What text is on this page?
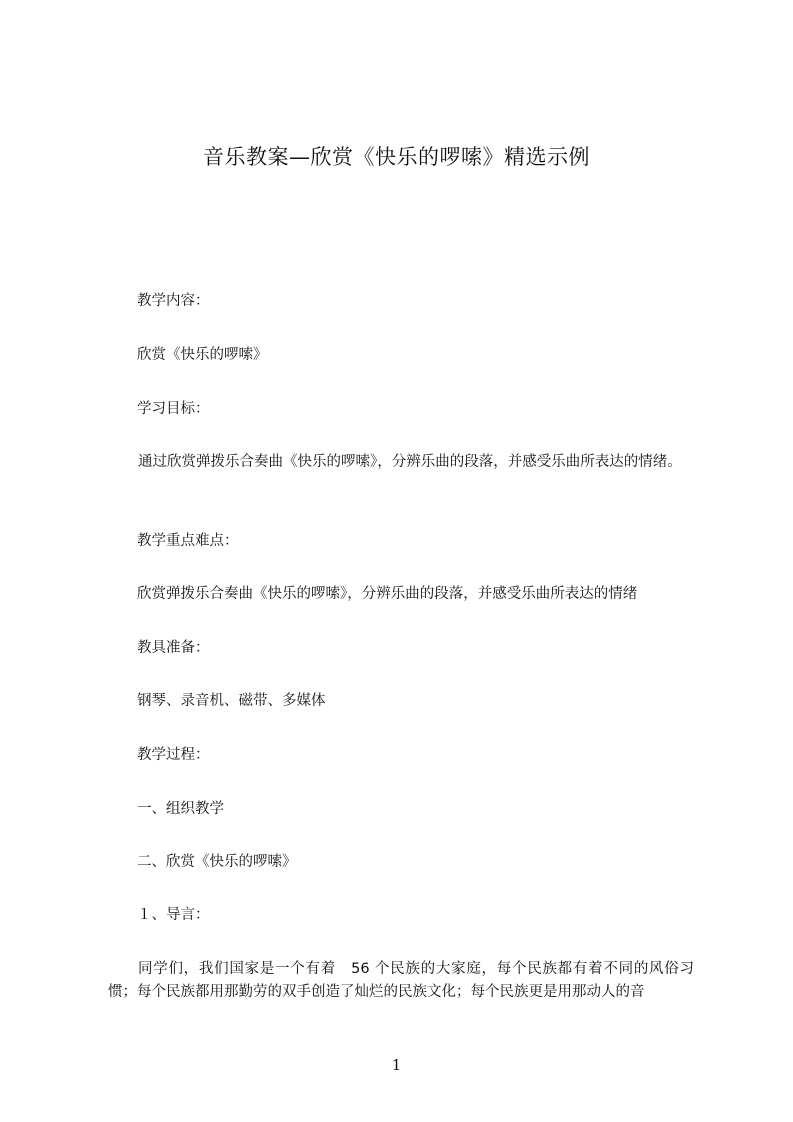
音乐教案—欣赏《快乐的啰嗦》精选示例
教学内容：
欣赏《快乐的啰嗦》
学习目标：
通过欣赏弹拨乐合奏曲《快乐的啰嗦》，分辨乐曲的段落，并感受乐曲所表达的情绪。
教学重点难点：
欣赏弹拨乐合奏曲《快乐的啰嗦》，分辨乐曲的段落，并感受乐曲所表达的情绪
教具准备：
钢琴、录音机、磁带、多媒体
教学过程：
一、组织教学
二、欣赏《快乐的啰嗦》
１、导言：
同学们，我们国家是一个有着　56 个民族的大家庭，每个民族都有着不同的风俗习惯；每个民族都用那勤劳的双手创造了灿烂的民族文化；每个民族更是用那动人的音
1
